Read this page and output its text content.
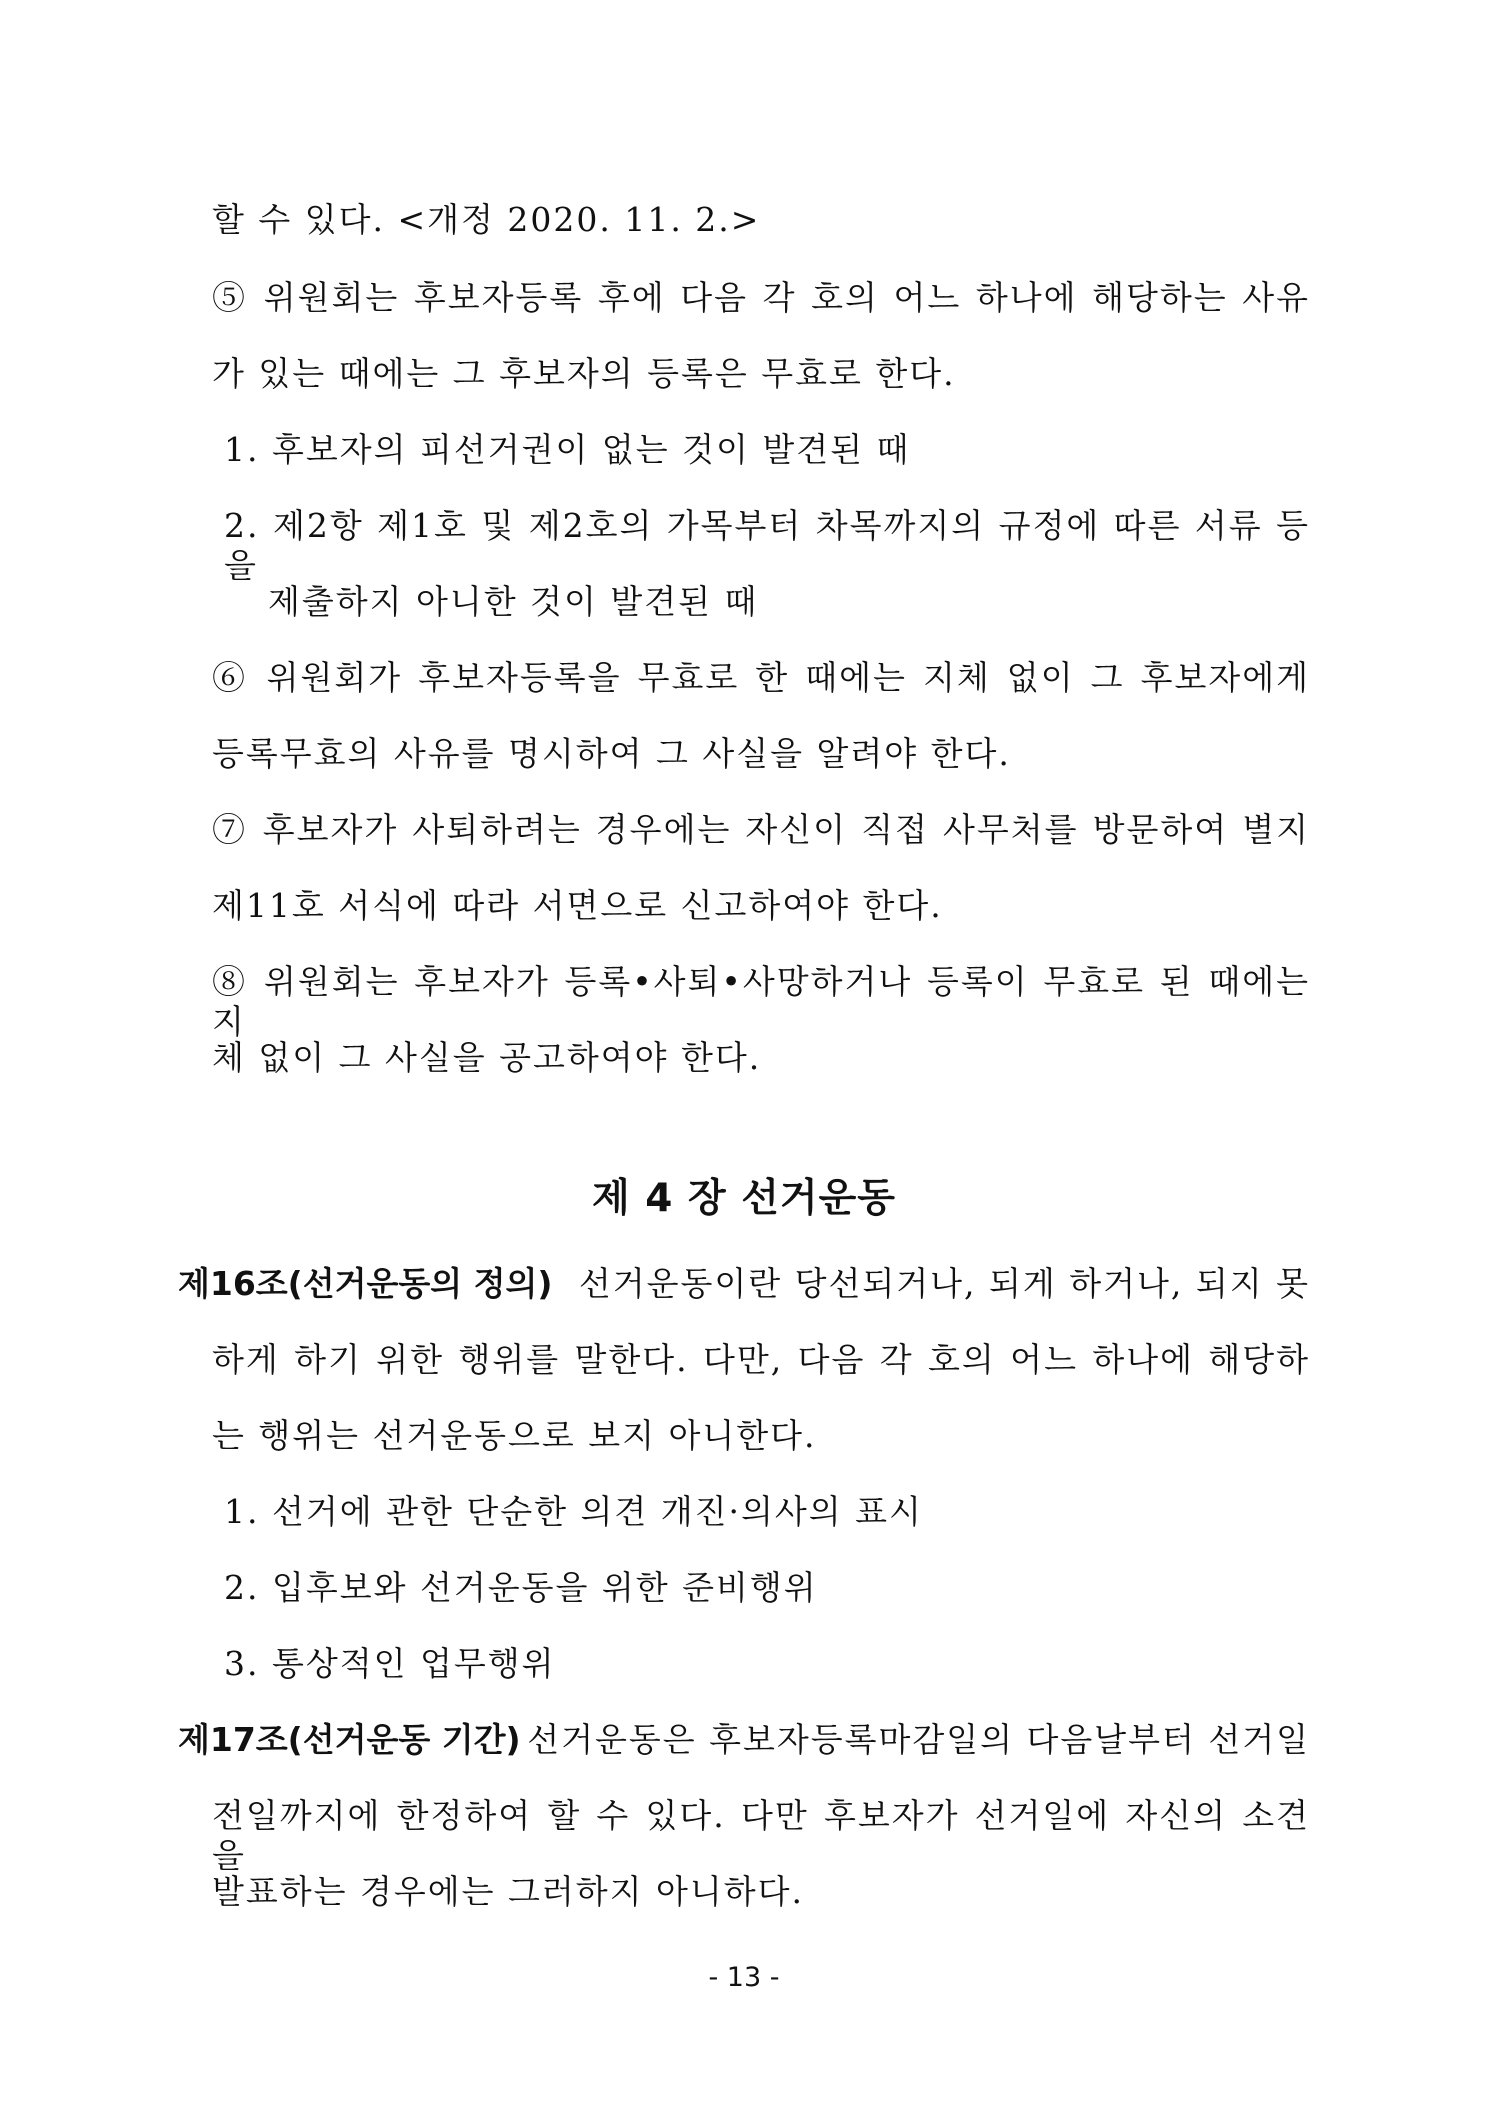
할 수 있다. <개정 2020. 11. 2.>
⑤ 위원회는 후보자등록 후에 다음 각 호의 어느 하나에 해당하는 사유
가 있는 때에는 그 후보자의 등록은 무효로 한다.
1. 후보자의 피선거권이 없는 것이 발견된 때
2. 제2항 제1호 및 제2호의 가목부터 차목까지의 규정에 따른 서류 등을
제출하지 아니한 것이 발견된 때
⑥ 위원회가 후보자등록을 무효로 한 때에는 지체 없이 그 후보자에게
등록무효의 사유를 명시하여 그 사실을 알려야 한다.
⑦ 후보자가 사퇴하려는 경우에는 자신이 직접 사무처를 방문하여 별지
제11호 서식에 따라 서면으로 신고하여야 한다.
⑧ 위원회는 후보자가 등록•사퇴•사망하거나 등록이 무효로 된 때에는 지
체 없이 그 사실을 공고하여야 한다.
제 4 장 선거운동
제16조(선거운동의 정의) 선거운동이란 당선되거나, 되게 하거나, 되지 못
하게 하기 위한 행위를 말한다. 다만, 다음 각 호의 어느 하나에 해당하
는 행위는 선거운동으로 보지 아니한다.
1. 선거에 관한 단순한 의견 개진·의사의 표시
2. 입후보와 선거운동을 위한 준비행위
3. 통상적인 업무행위
제17조(선거운동 기간) 선거운동은 후보자등록마감일의 다음날부터 선거일
전일까지에 한정하여 할 수 있다. 다만 후보자가 선거일에 자신의 소견을
발표하는 경우에는 그러하지 아니하다.
- 13 -
